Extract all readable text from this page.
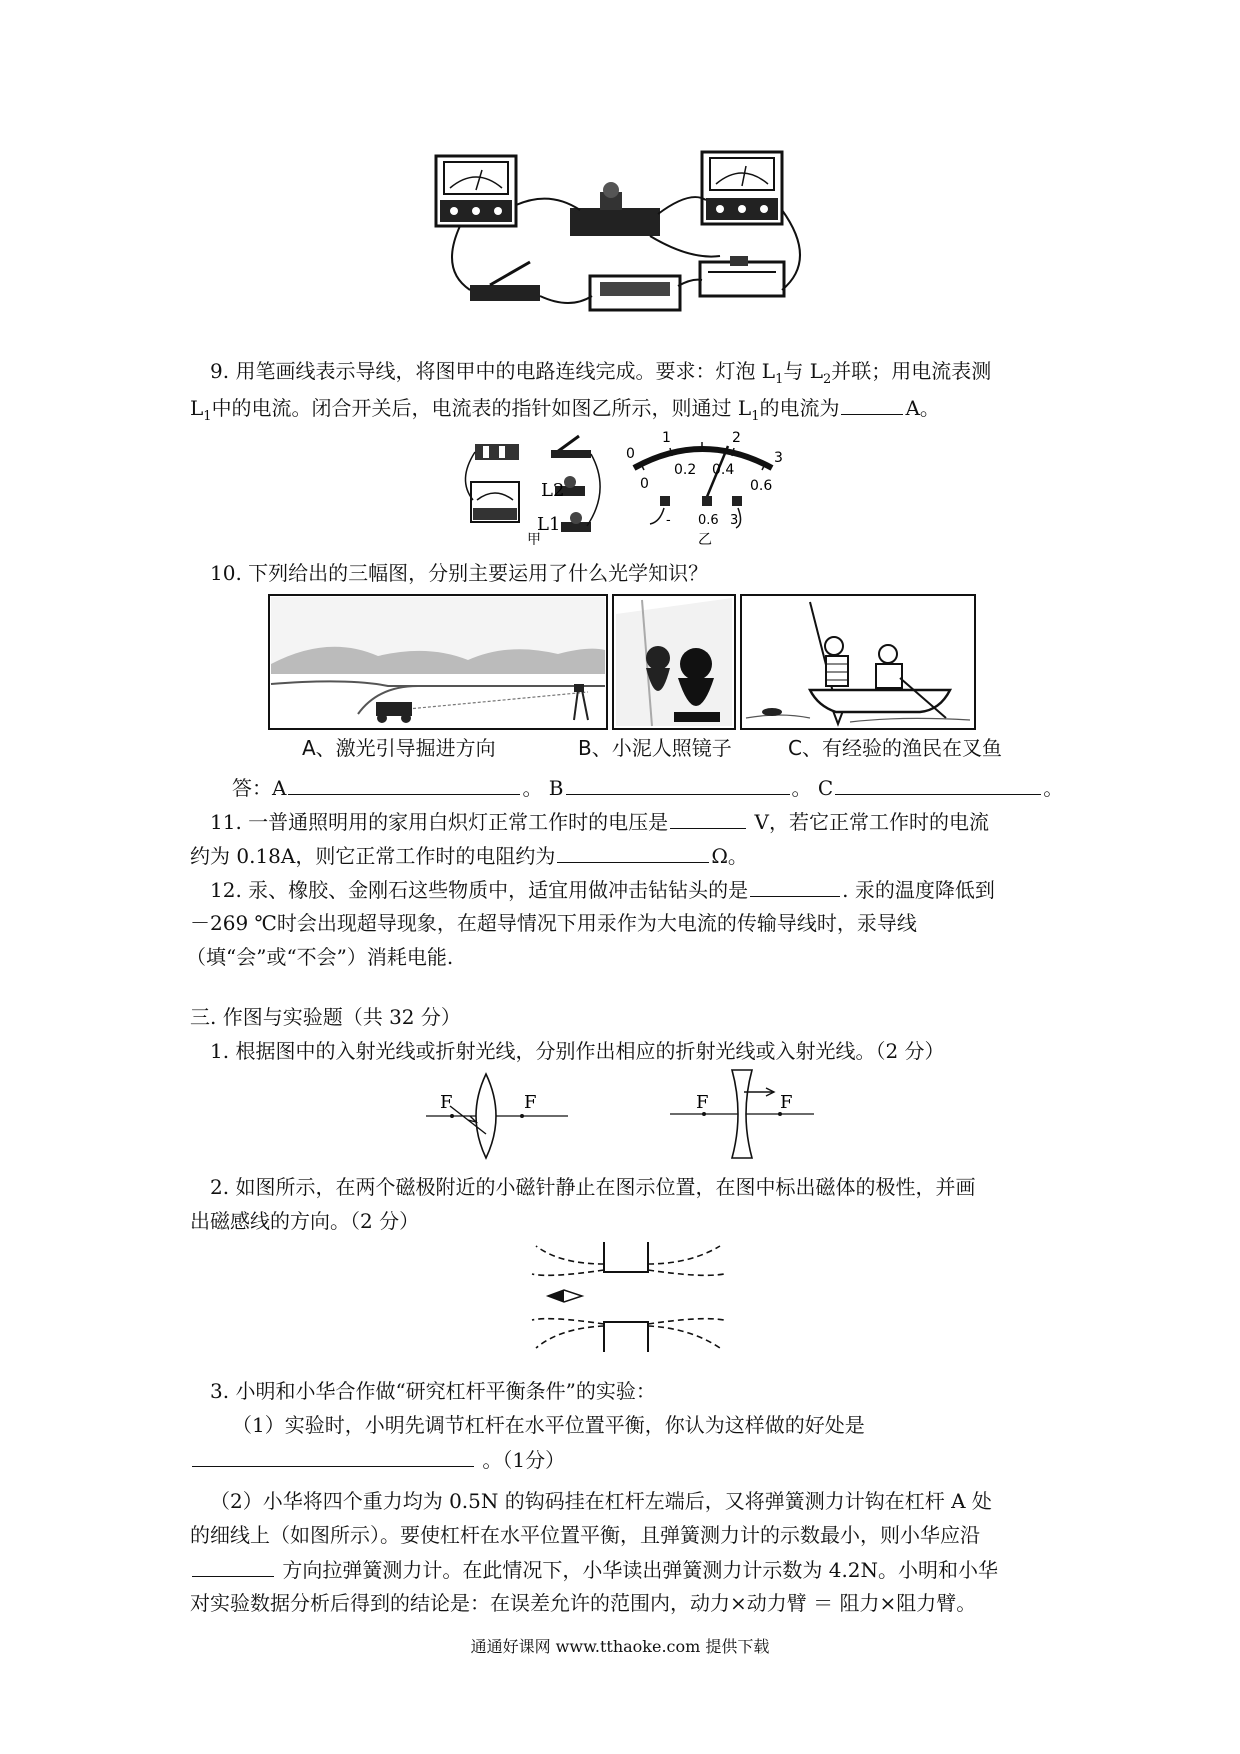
9. 用笔画线表示导线，将图甲中的电路连线完成。要求：灯泡 $L_1$与 $L_2$并联；用电流表测
$L_1$中的电流。闭合开关后，电流表的指针如图乙所示，则通过 $L_1$的电流为	A。
L2
L1
甲
0
1	2
3
0
0.2 0.4
0.6
- 0.6 3
乙
10. 下列给出的三幅图，分别主要运用了什么光学知识？
A、激光引导掘进方向	B、小泥人照镜子	C、有经验的渔民在叉鱼
答：A	。 B	。 C	。
11. 一普通照明用的家用白炽灯正常工作时的电压是	V，若它正常工作时的电流
约为 0.18A，则它正常工作时的电阻约为	Ω。
12. 汞、橡胶、金刚石这些物质中，适宜用做冲击钻钻头的是	. 汞的温度降低到
－269 ℃时会出现超导现象，在超导情况下用汞作为大电流的传输导线时，汞导线
（填“会”或“不会”）消耗电能.
三. 作图与实验题（共 32 分）
1. 根据图中的入射光线或折射光线，分别作出相应的折射光线或入射光线。（2 分）
F	F	F	F
2. 如图所示，在两个磁极附近的小磁针静止在图示位置，在图中标出磁体的极性，并画
出磁感线的方向。（2 分）
3. 小明和小华合作做“研究杠杆平衡条件”的实验：
（1）实验时，小明先调节杠杆在水平位置平衡，你认为这样做的好处是
。（1分）
（2）小华将四个重力均为 0.5N 的钩码挂在杠杆左端后，又将弹簧测力计钩在杠杆 A 处
的细线上（如图所示）。要使杠杆在水平位置平衡，且弹簧测力计的示数最小，则小华应沿
方向拉弹簧测力计。在此情况下，小华读出弹簧测力计示数为 4.2N。小明和小华
对实验数据分析后得到的结论是：在误差允许的范围内，动力×动力臂 ＝ 阻力×阻力臂。
通通好课网 www.tthaoke.com 提供下载
